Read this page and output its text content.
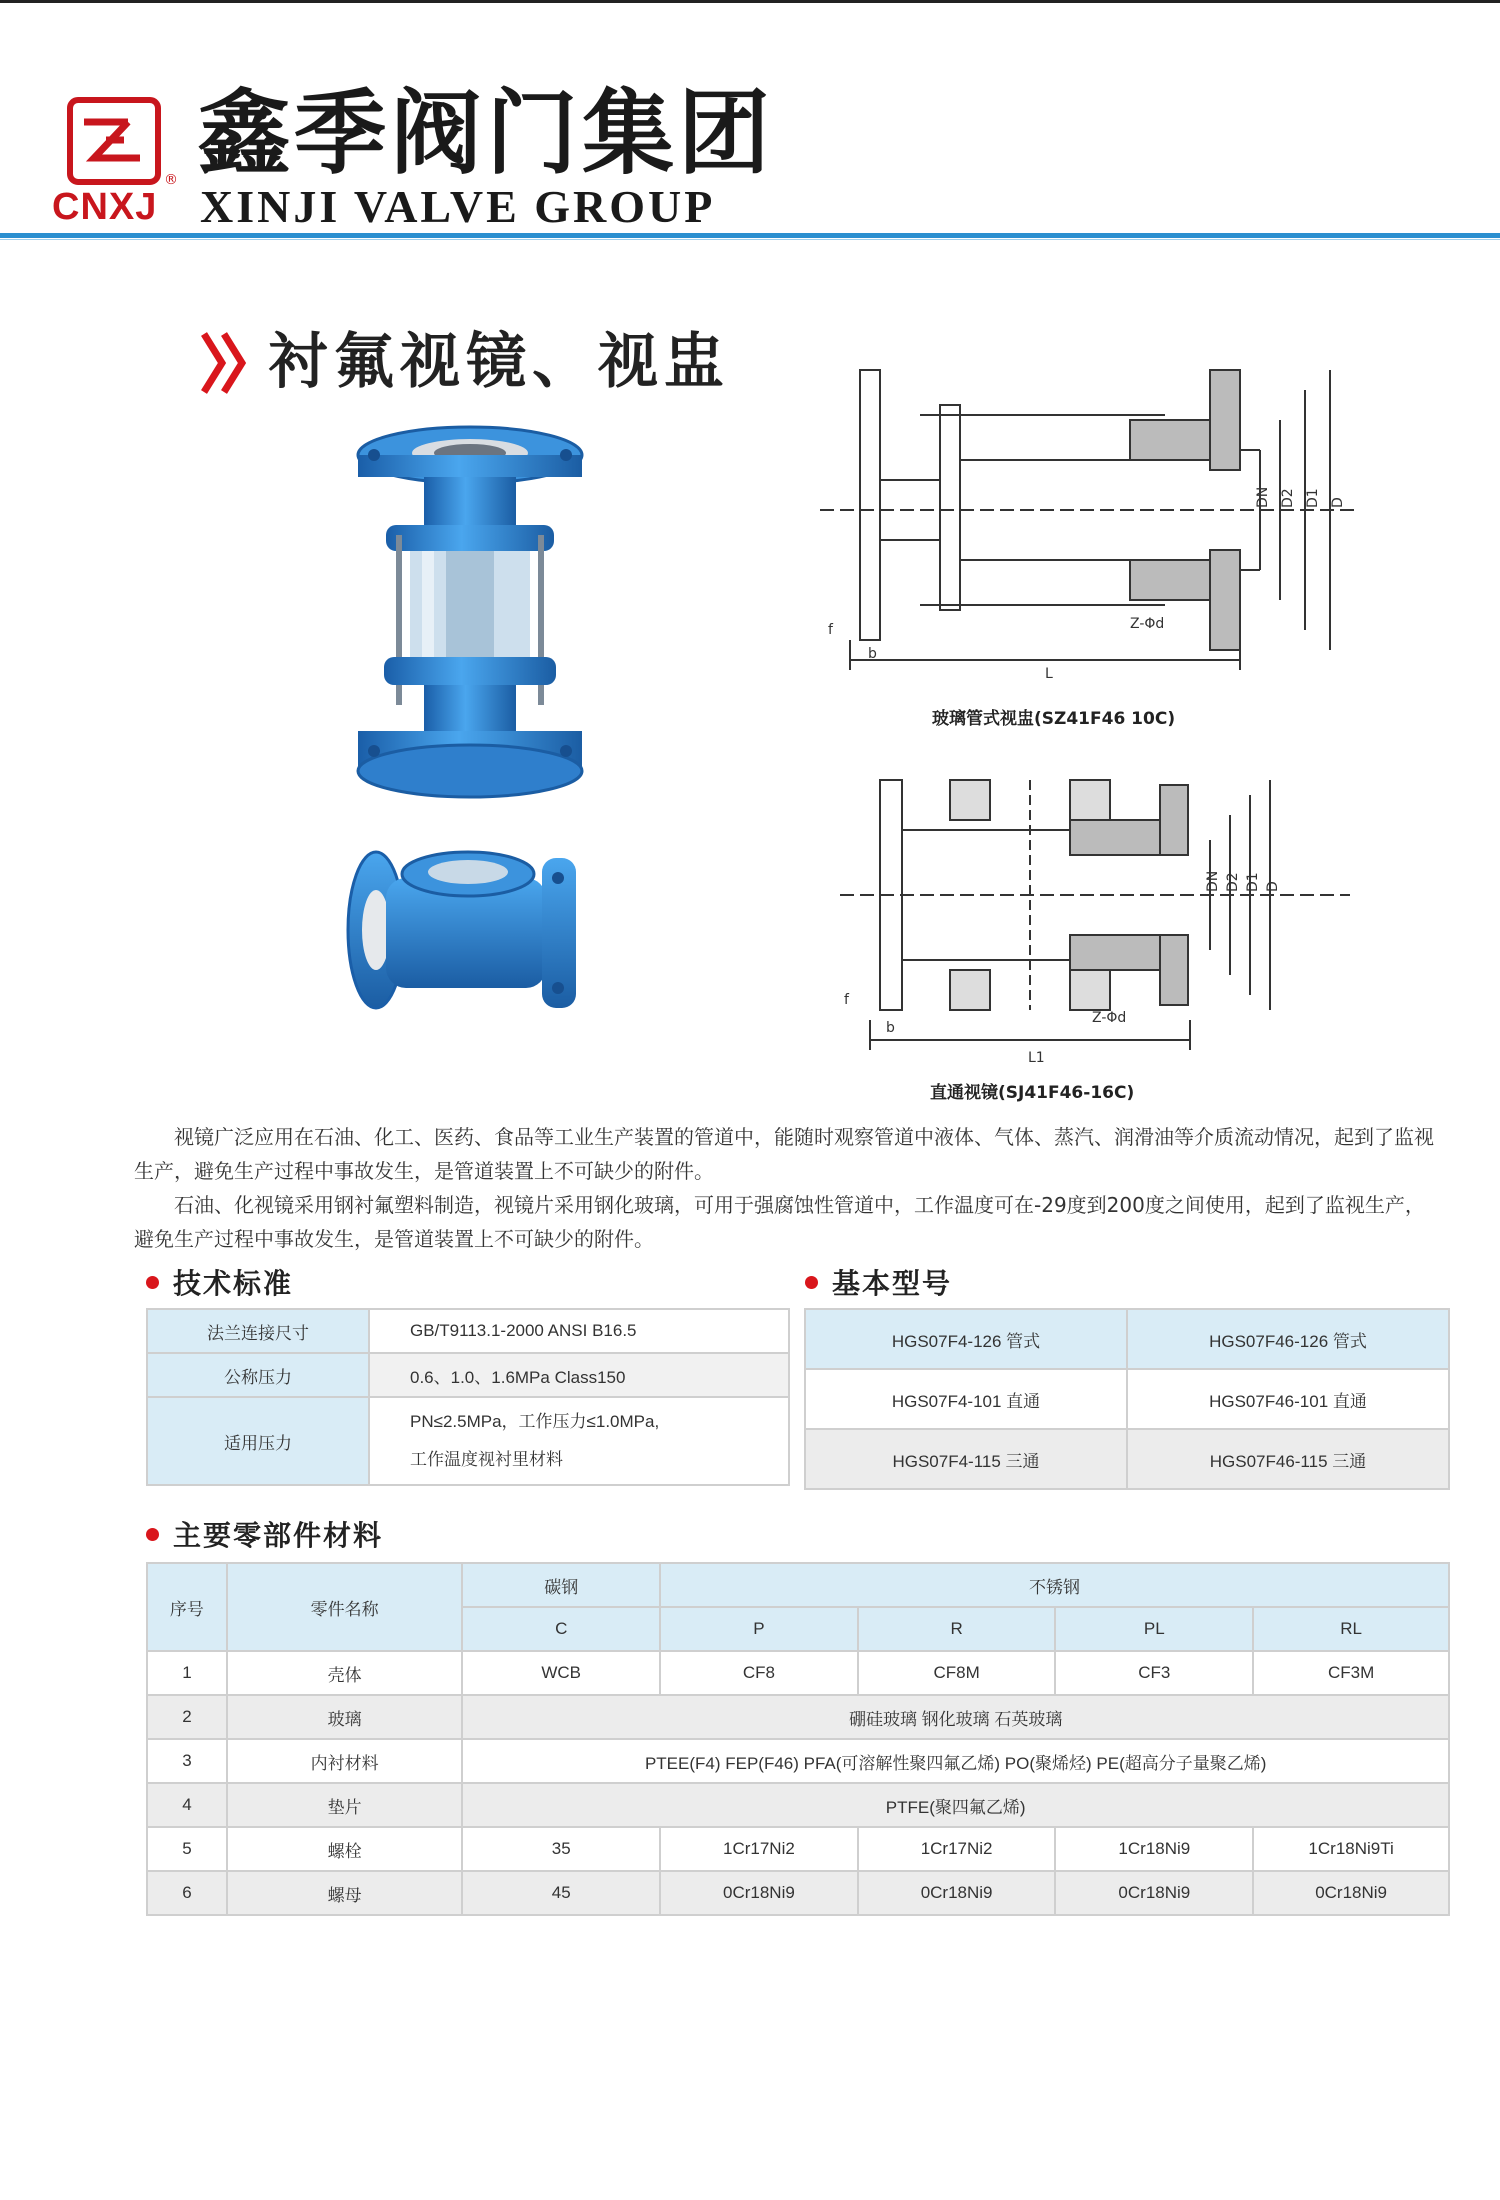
®
CNXJ
鑫季阀门集团
XINJI VALVE GROUP
衬氟视镜、视盅
DN D2 D1 D
Z-Φd
f
b
L
玻璃管式视盅(SZ41F46 10C)
DN D2 D1 D
Z-Φd
f
b
L1
直通视镜(SJ41F46-16C)

视镜广泛应用在石油、化工、医药、食品等工业生产装置的管道中，能随时观察管道中液体、气体、蒸汽、润滑油等介质流动情况，起到了监视生产，避免生产过程中事故发生，是管道装置上不可缺少的附件。

石油、化视镜采用钢衬氟塑料制造，视镜片采用钢化玻璃，可用于强腐蚀性管道中，工作温度可在-29度到200度之间使用，起到了监视生产，避免生产过程中事故发生，是管道装置上不可缺少的附件。

技术标准
法兰连接尺寸	GB/T9113.1-2000 ANSI B16.5
公称压力	0.6、1.0、1.6MPa Class150
适用压力	PN≤2.5MPa，工作压力≤1.0MPa,
工作温度视衬里材料
基本型号
HGS07F4-126 管式	HGS07F46-126 管式
HGS07F4-101 直通	HGS07F46-101 直通
HGS07F4-115 三通	HGS07F46-115 三通
主要零部件材料
序号	零件名称	碳钢	不锈钢			
		C	P	R	PL	RL
1	壳体	WCB	CF8	CF8M	CF3	CF3M
2	玻璃	硼硅玻璃 钢化玻璃 石英玻璃				
3	内衬材料	PTEE(F4) FEP(F46) PFA(可溶解性聚四氟乙烯) PO(聚烯烃) PE(超高分子量聚乙烯)				
4	垫片	PTFE(聚四氟乙烯)				
5	螺栓	35	1Cr17Ni2	1Cr17Ni2	1Cr18Ni9	1Cr18Ni9Ti
6	螺母	45	0Cr18Ni9	0Cr18Ni9	0Cr18Ni9	0Cr18Ni9
